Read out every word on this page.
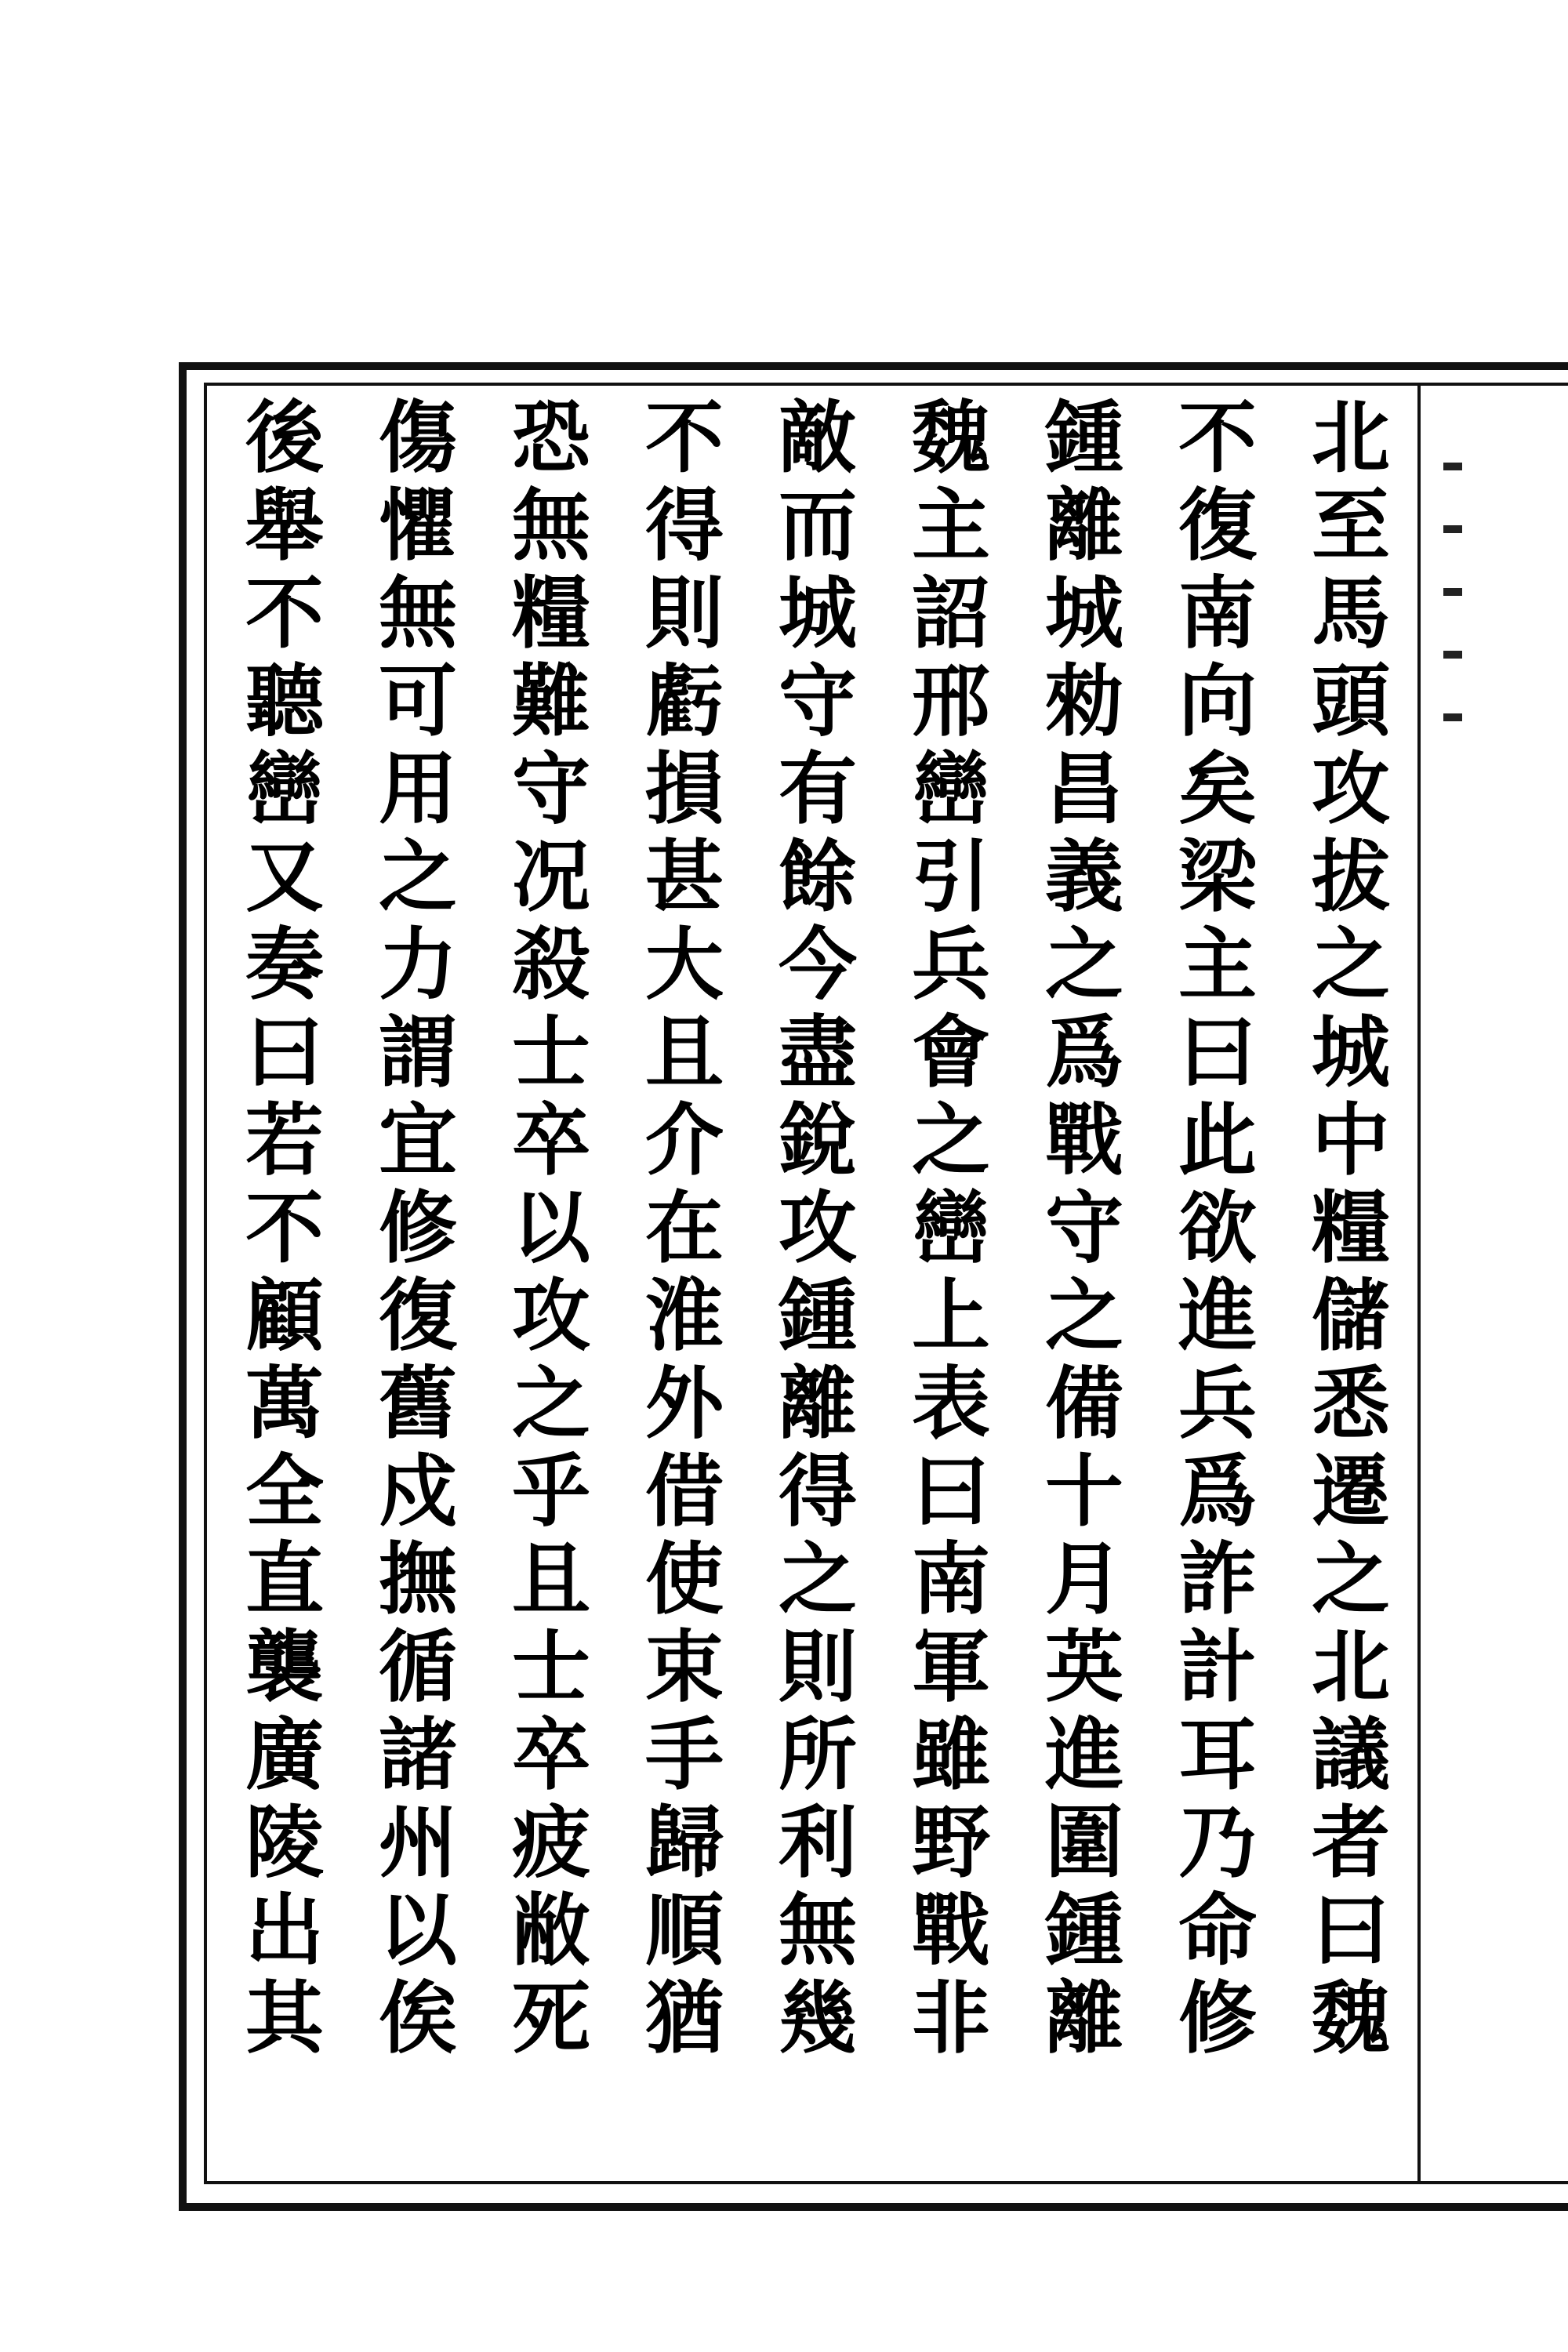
北至馬頭攻拔之城中糧儲悉遷之北議者曰魏
不復南向矣梁主曰此欲進兵爲詐計耳乃命修
鍾離城勑昌義之爲戰守之備十月英進圍鍾離
魏主詔邢巒引兵會之巒上表曰南軍雖野戰非
敵而城守有餘今盡銳攻鍾離得之則所利無幾
不得則虧損甚大且介在淮外借使束手歸順猶
恐無糧難守况殺士卒以攻之乎且士卒疲敝死
傷懼無可用之力謂宜修復舊戍撫循諸州以俟
後舉不聽巒又奏曰若不顧萬全直襲廣陵出其
